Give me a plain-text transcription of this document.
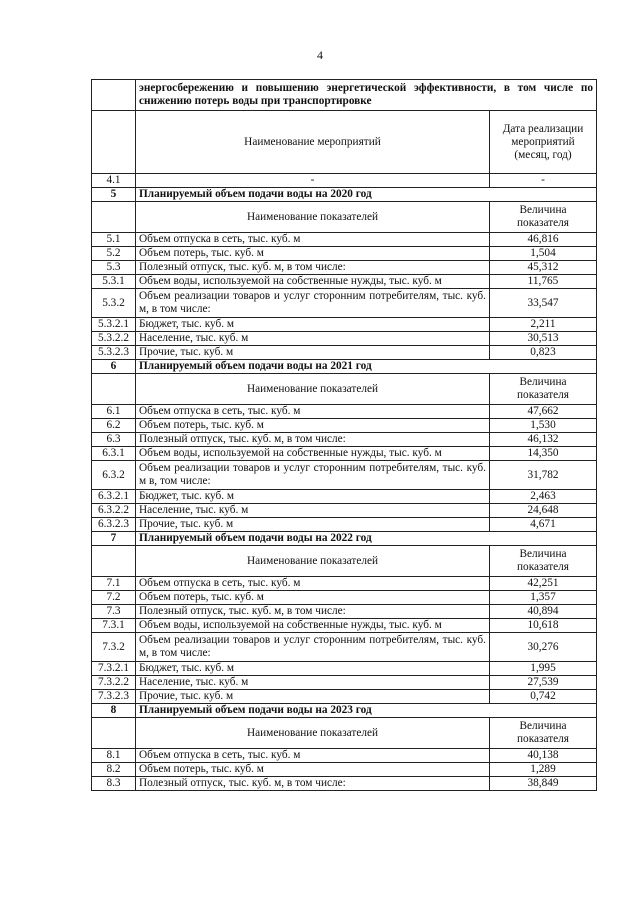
4
	энергосбережению и повышению энергетической эффективности, в том числе по снижению потерь воды при транспортировке	
	Наименование мероприятий	Дата реализации мероприятий (месяц, год)
4.1	-	-
5	Планируемый объем подачи воды на 2020 год	
	Наименование показателей	Величина показателя
5.1	Объем отпуска в сеть, тыс. куб. м	46,816
5.2	Объем потерь, тыс. куб. м	1,504
5.3	Полезный отпуск, тыс. куб. м, в том числе:	45,312
5.3.1	Объем воды, используемой на собственные нужды, тыс. куб. м	11,765
5.3.2	Объем реализации товаров и услуг сторонним потребителям, тыс. куб. м, в том числе:	33,547
5.3.2.1	Бюджет, тыс. куб. м	2,211
5.3.2.2	Население, тыс. куб. м	30,513
5.3.2.3	Прочие, тыс. куб. м	0,823
6	Планируемый объем подачи воды на 2021 год	
	Наименование показателей	Величина показателя
6.1	Объем отпуска в сеть, тыс. куб. м	47,662
6.2	Объем потерь, тыс. куб. м	1,530
6.3	Полезный отпуск, тыс. куб. м, в том числе:	46,132
6.3.1	Объем воды, используемой на собственные нужды, тыс. куб. м	14,350
6.3.2	Объем реализации товаров и услуг сторонним потребителям, тыс. куб. м в, том числе:	31,782
6.3.2.1	Бюджет, тыс. куб. м	2,463
6.3.2.2	Население, тыс. куб. м	24,648
6.3.2.3	Прочие, тыс. куб. м	4,671
7	Планируемый объем подачи воды на 2022 год	
	Наименование показателей	Величина показателя
7.1	Объем отпуска в сеть, тыс. куб. м	42,251
7.2	Объем потерь, тыс. куб. м	1,357
7.3	Полезный отпуск, тыс. куб. м, в том числе:	40,894
7.3.1	Объем воды, используемой на собственные нужды, тыс. куб. м	10,618
7.3.2	Объем реализации товаров и услуг сторонним потребителям, тыс. куб. м, в том числе:	30,276
7.3.2.1	Бюджет, тыс. куб. м	1,995
7.3.2.2	Население, тыс. куб. м	27,539
7.3.2.3	Прочие, тыс. куб. м	0,742
8	Планируемый объем подачи воды на 2023 год	
	Наименование показателей	Величина показателя
8.1	Объем отпуска в сеть, тыс. куб. м	40,138
8.2	Объем потерь, тыс. куб. м	1,289
8.3	Полезный отпуск, тыс. куб. м, в том числе:	38,849
